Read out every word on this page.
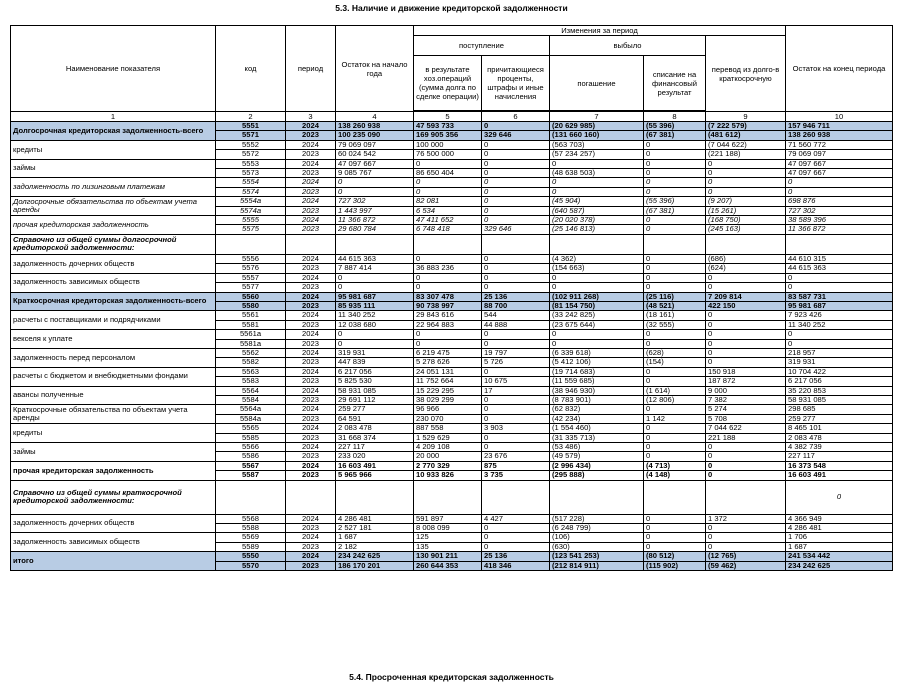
5.3. Наличие и движение кредиторской задолженности
Наименование показателя	код	период	Остаток на начало года	Изменения за период					Остаток на конец периода
				поступление		выбыло		перевод из долго-в краткосрочную	
				в результате хоз.операций (сумма долга по сделке операции)	причитающиеся проценты, штрафы и иные начисления	погашение	списание на финансовый результат		

1	2	3	4	5	6	7	8	9	10
Долгосрочная кредиторская задолженность-всего	5551	2024	138 260 938	47 593 733	0	(20 629 985)	(55 396)	(7 222 579)	157 946 711
	5571	2023	100 235 090	169 905 356	329 646	(131 660 160)	(67 381)	(481 612)	138 260 938
кредиты	5552	2024	79 069 097	100 000	0	(563 703)	0	(7 044 622)	71 560 772
	5572	2023	60 024 542	76 500 000	0	(57 234 257)	0	(221 188)	79 069 097
займы	5553	2024	47 097 667	0	0	0	0	0	47 097 667
	5573	2023	9 085 767	86 650 404	0	(48 638 503)	0	0	47 097 667
задолженность по лизинговым платежам	5554	2024	0	0	0	0	0	0	0
	5574	2023	0	0	0	0	0	0	0
Долгосрочные обязательства по объектам учета аренды	5554a	2024	727 302	82 081	0	(45 904)	(55 396)	(9 207)	698 876
	5574a	2023	1 443 997	6 534	0	(640 587)	(67 381)	(15 261)	727 302
прочая кредиторская задолженность	5555	2024	11 366 872	47 411 652	0	(20 020 378)	0	(168 750)	38 589 396
	5575	2023	29 680 784	6 748 418	329 646	(25 146 813)	0	(245 163)	11 366 872
Справочно из общей суммы долгосрочной кредиторской задолженности:									
задолженность дочерних обществ	5556	2024	44 615 363	0	0	(4 362)	0	(686)	44 610 315
	5576	2023	7 887 414	36 883 236	0	(154 663)	0	(624)	44 615 363
задолженность зависимых обществ	5557	2024	0	0	0	0	0	0	0
	5577	2023	0	0	0	0	0	0	0
Краткосрочная кредиторская задолженность-всего	5560	2024	95 981 687	83 307 478	25 136	(102 911 268)	(25 116)	7 209 814	83 587 731
	5580	2023	85 935 111	90 738 997	88 700	(81 154 750)	(48 521)	422 150	95 981 687
расчеты с поставщиками и подрядчиками	5561	2024	11 340 252	29 843 616	544	(33 242 825)	(18 161)	0	7 923 426
	5581	2023	12 038 680	22 964 883	44 888	(23 675 644)	(32 555)	0	11 340 252
векселя к уплате	5561a	2024	0	0	0	0	0	0	0
	5581a	2023	0	0	0	0	0	0	0
задолженность перед персоналом	5562	2024	319 931	6 219 475	19 797	(6 339 618)	(628)	0	218 957
	5582	2023	447 839	5 278 626	5 726	(5 412 106)	(154)	0	319 931
расчеты с бюджетом и внебюджетными фондами	5563	2024	6 217 056	24 051 131	0	(19 714 683)	0	150 918	10 704 422
	5583	2023	5 825 530	11 752 664	10 675	(11 559 685)	0	187 872	6 217 056
авансы полученные	5564	2024	58 931 085	15 229 295	17	(38 946 930)	(1 614)	9 000	35 220 853
	5584	2023	29 691 112	38 029 299	0	(8 783 901)	(12 806)	7 382	58 931 085
Краткосрочные обязательства по объектам учета аренды	5564a	2024	259 277	96 966	0	(62 832)	0	5 274	298 685
	5584a	2023	64 591	230 070	0	(42 234)	1 142	5 708	259 277
кредиты	5565	2024	2 083 478	887 558	3 903	(1 554 460)	0	7 044 622	8 465 101
	5585	2023	31 668 374	1 529 629	0	(31 335 713)	0	221 188	2 083 478
займы	5566	2024	227 117	4 209 108	0	(53 486)	0	0	4 382 739
	5586	2023	233 020	20 000	23 676	(49 579)	0	0	227 117
прочая кредиторская задолженность	5567	2024	16 603 491	2 770 329	875	(2 996 434)	(4 713)	0	16 373 548
	5587	2023	5 965 966	10 933 826	3 735	(295 888)	(4 148)	0	16 603 491
Справочно из общей суммы краткосрочной кредиторской задолженности:									0
задолженность дочерних обществ	5568	2024	4 286 481	591 897	4 427	(517 228)	0	1 372	4 366 949
	5588	2023	2 527 181	8 008 099	0	(6 248 799)	0	0	4 286 481
задолженность зависимых обществ	5569	2024	1 687	125	0	(106)	0	0	1 706
	5589	2023	2 182	135	0	(630)	0	0	1 687
итого	5550	2024	234 242 625	130 901 211	25 136	(123 541 253)	(80 512)	(12 765)	241 534 442
	5570	2023	186 170 201	260 644 353	418 346	(212 814 911)	(115 902)	(59 462)	234 242 625
5.4. Просроченная кредиторская задолженность
